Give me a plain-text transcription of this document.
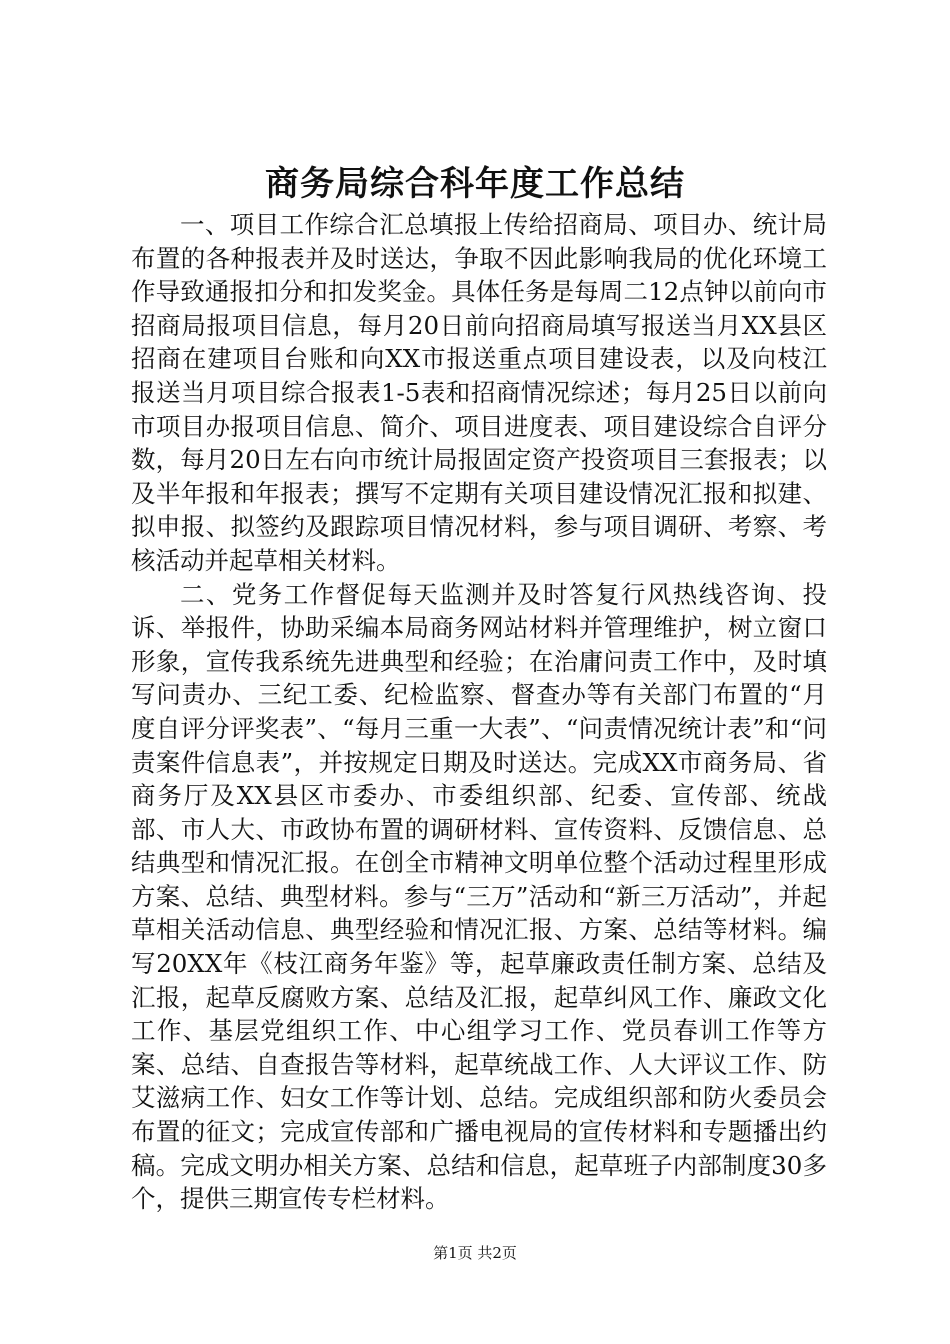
商务局综合科年度工作总结

一、项目工作综合汇总填报上传给招商局、项目办、统计局布置的各种报表并及时送达，争取不因此影响我局的优化环境工作导致通报扣分和扣发奖金。具体任务是每周二12点钟以前向市招商局报项目信息，每月20日前向招商局填写报送当月XX县区招商在建项目台账和向XX市报送重点项目建设表，以及向枝江报送当月项目综合报表1-5表和招商情况综述；每月25日以前向市项目办报项目信息、简介、项目进度表、项目建设综合自评分数，每月20日左右向市统计局报固定资产投资项目三套报表；以及半年报和年报表；撰写不定期有关项目建设情况汇报和拟建、拟申报、拟签约及跟踪项目情况材料，参与项目调研、考察、考核活动并起草相关材料。

二、党务工作督促每天监测并及时答复行风热线咨询、投诉、举报件，协助采编本局商务网站材料并管理维护，树立窗口形象，宣传我系统先进典型和经验；在治庸问责工作中，及时填写问责办、三纪工委、纪检监察、督查办等有关部门布置的“月度自评分评奖表”、“每月三重一大表”、“问责情况统计表”和“问责案件信息表”，并按规定日期及时送达。完成XX市商务局、省商务厅及XX县区市委办、市委组织部、纪委、宣传部、统战部、市人大、市政协布置的调研材料、宣传资料、反馈信息、总结典型和情况汇报。在创全市精神文明单位整个活动过程里形成方案、总结、典型材料。参与“三万”活动和“新三万活动”，并起草相关活动信息、典型经验和情况汇报、方案、总结等材料。编写20XX年《枝江商务年鉴》等，起草廉政责任制方案、总结及汇报，起草反腐败方案、总结及汇报，起草纠风工作、廉政文化工作、基层党组织工作、中心组学习工作、党员春训工作等方案、总结、自查报告等材料，起草统战工作、人大评议工作、防艾滋病工作、妇女工作等计划、总结。完成组织部和防火委员会布置的征文；完成宣传部和广播电视局的宣传材料和专题播出约稿。完成文明办相关方案、总结和信息，起草班子内部制度30多个，提供三期宣传专栏材料。

第1页 共2页
